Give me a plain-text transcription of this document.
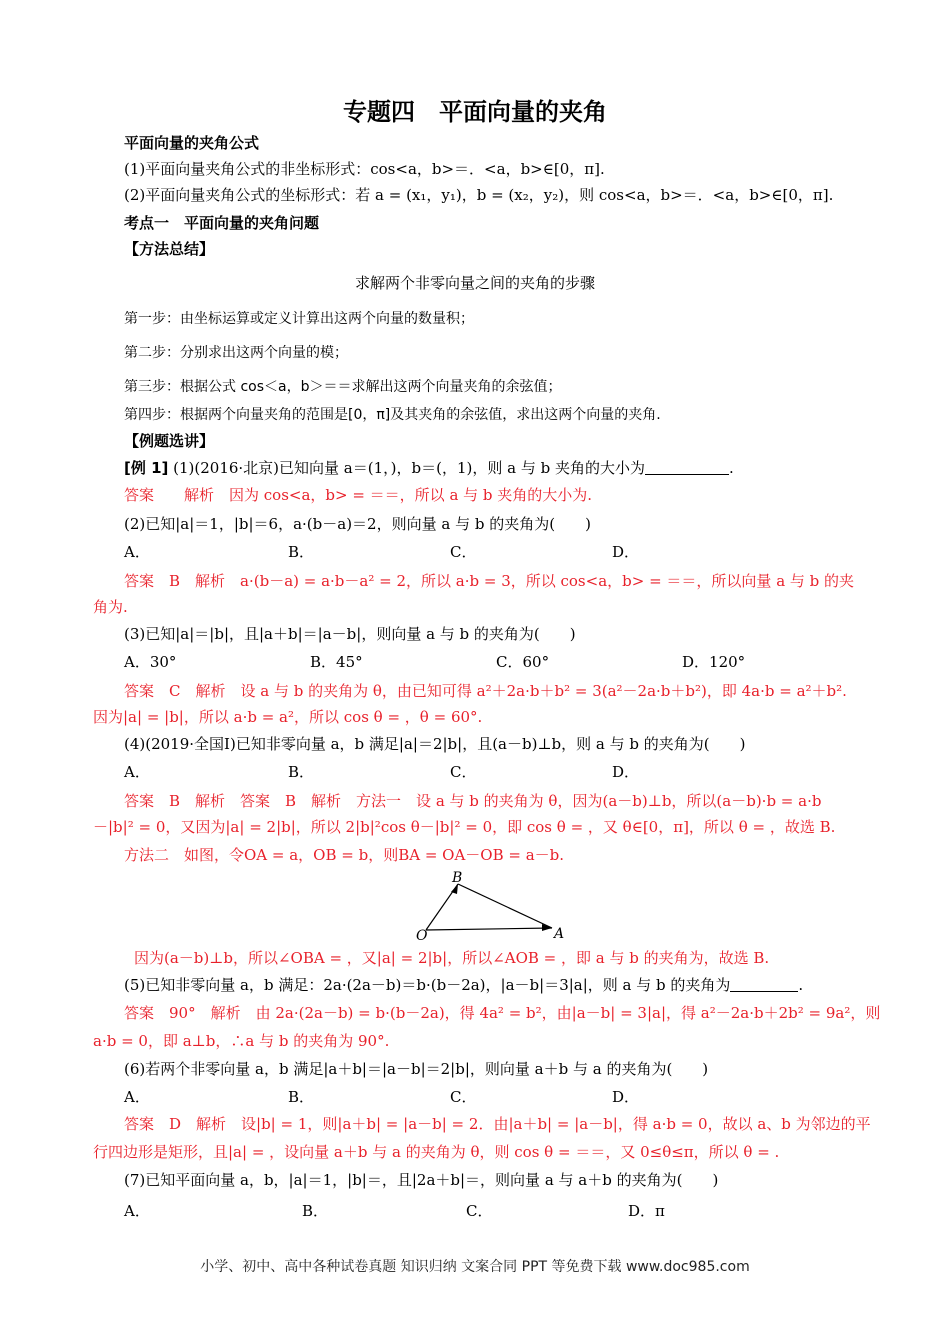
专题四　平面向量的夹角
平面向量的夹角公式
(1)平面向量夹角公式的非坐标形式：cos<a，b>＝．<a，b>∈[0，π].
(2)平面向量夹角公式的坐标形式：若 a = (x₁，y₁)，b = (x₂，y₂)，则 cos<a，b>＝．<a，b>∈[0，π].
考点一　平面向量的夹角问题
【方法总结】
求解两个非零向量之间的夹角的步骤
第一步：由坐标运算或定义计算出这两个向量的数量积；
第二步：分别求出这两个向量的模；
第三步：根据公式 cos＜a，b＞＝＝求解出这两个向量夹角的余弦值；
第四步：根据两个向量夹角的范围是[0，π]及其夹角的余弦值，求出这两个向量的夹角.
【例题选讲】
[例 1] (1)(2016·北京)已知向量 a＝(1，)，b＝(，1)，则 a 与 b 夹角的大小为	.
答案　　解析　因为 cos<a，b> = ＝＝，所以 a 与 b 夹角的大小为.
(2)已知|a|＝1，|b|＝6，a·(b－a)＝2，则向量 a 与 b 的夹角为(　　)
A．	B．	C．	D．
答案　B　解析　a·(b－a) = a·b－a² = 2，所以 a·b = 3，所以 cos<a，b> = ＝＝，所以向量 a 与 b 的夹
角为.
(3)已知|a|＝|b|，且|a＋b|＝|a－b|，则向量 a 与 b 的夹角为(　　)
A．30°	B．45°	C．60°	D．120°
答案　C　解析　设 a 与 b 的夹角为 θ，由已知可得 a²＋2a·b＋b² = 3(a²－2a·b＋b²)，即 4a·b = a²＋b².
因为|a| = |b|，所以 a·b = a²，所以 cos θ = ，θ = 60°.
(4)(2019·全国Ⅰ)已知非零向量 a，b 满足|a|＝2|b|，且(a－b)⊥b，则 a 与 b 的夹角为(　　)
A．	B．	C．	D．
答案　B　解析　答案　B　解析　方法一　设 a 与 b 的夹角为 θ，因为(a－b)⊥b，所以(a－b)·b = a·b
－|b|² = 0，又因为|a| = 2|b|，所以 2|b|²cos θ－|b|² = 0，即 cos θ = ，又 θ∈[0，π]，所以 θ = ，故选 B.
方法二　如图，令OA = a，OB = b，则BA = OA－OB = a－b.
B
O	A
因为(a－b)⊥b，所以∠OBA = ，又|a| = 2|b|，所以∠AOB = ，即 a 与 b 的夹角为，故选 B.
(5)已知非零向量 a，b 满足：2a·(2a－b)＝b·(b－2a)，|a－b|＝3|a|，则 a 与 b 的夹角为	.
答案　90°　解析　由 2a·(2a－b) = b·(b－2a)，得 4a² = b²，由|a－b| = 3|a|，得 a²－2a·b＋2b² = 9a²，则
a·b = 0，即 a⊥b，∴a 与 b 的夹角为 90°.
(6)若两个非零向量 a，b 满足|a＋b|＝|a－b|＝2|b|，则向量 a＋b 与 a 的夹角为(　　)
A．	B．	C．	D．
答案　D　解析　设|b| = 1，则|a＋b| = |a－b| = 2．由|a＋b| = |a－b|，得 a·b = 0，故以 a、b 为邻边的平
行四边形是矩形，且|a| = ，设向量 a＋b 与 a 的夹角为 θ，则 cos θ = ＝＝，又 0≤θ≤π，所以 θ = .
(7)已知平面向量 a，b，|a|＝1，|b|＝，且|2a＋b|＝，则向量 a 与 a＋b 的夹角为(　　)
A．	B．	C．	D．π
小学、初中、高中各种试卷真题 知识归纳 文案合同 PPT 等免费下载 www.doc985.com
